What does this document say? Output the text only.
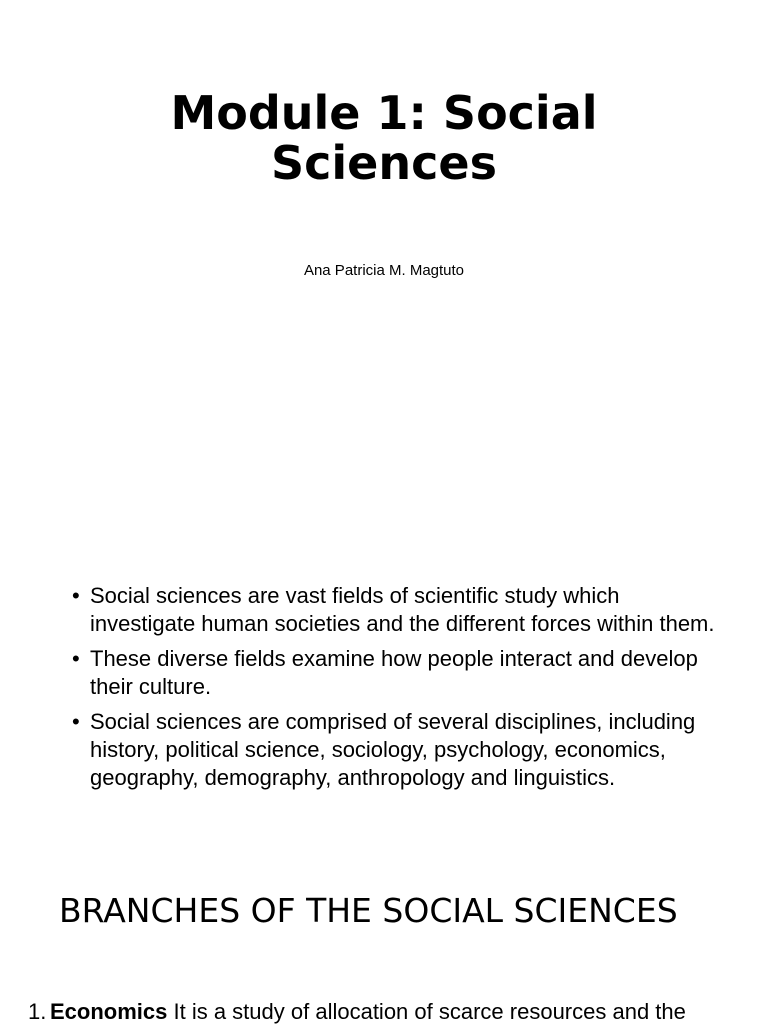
Module 1: Social Sciences

Ana Patricia M. Magtuto

• Social sciences are vast fields of scientific study which investigate human societies and the different forces within them.
• These diverse fields examine how people interact and develop their culture.
• Social sciences are comprised of several disciplines, including history, political science, sociology, psychology, economics, geography, demography, anthropology and linguistics.
BRANCHES OF THE SOCIAL SCIENCES
1. Economics It is a study of allocation of scarce resources and the
